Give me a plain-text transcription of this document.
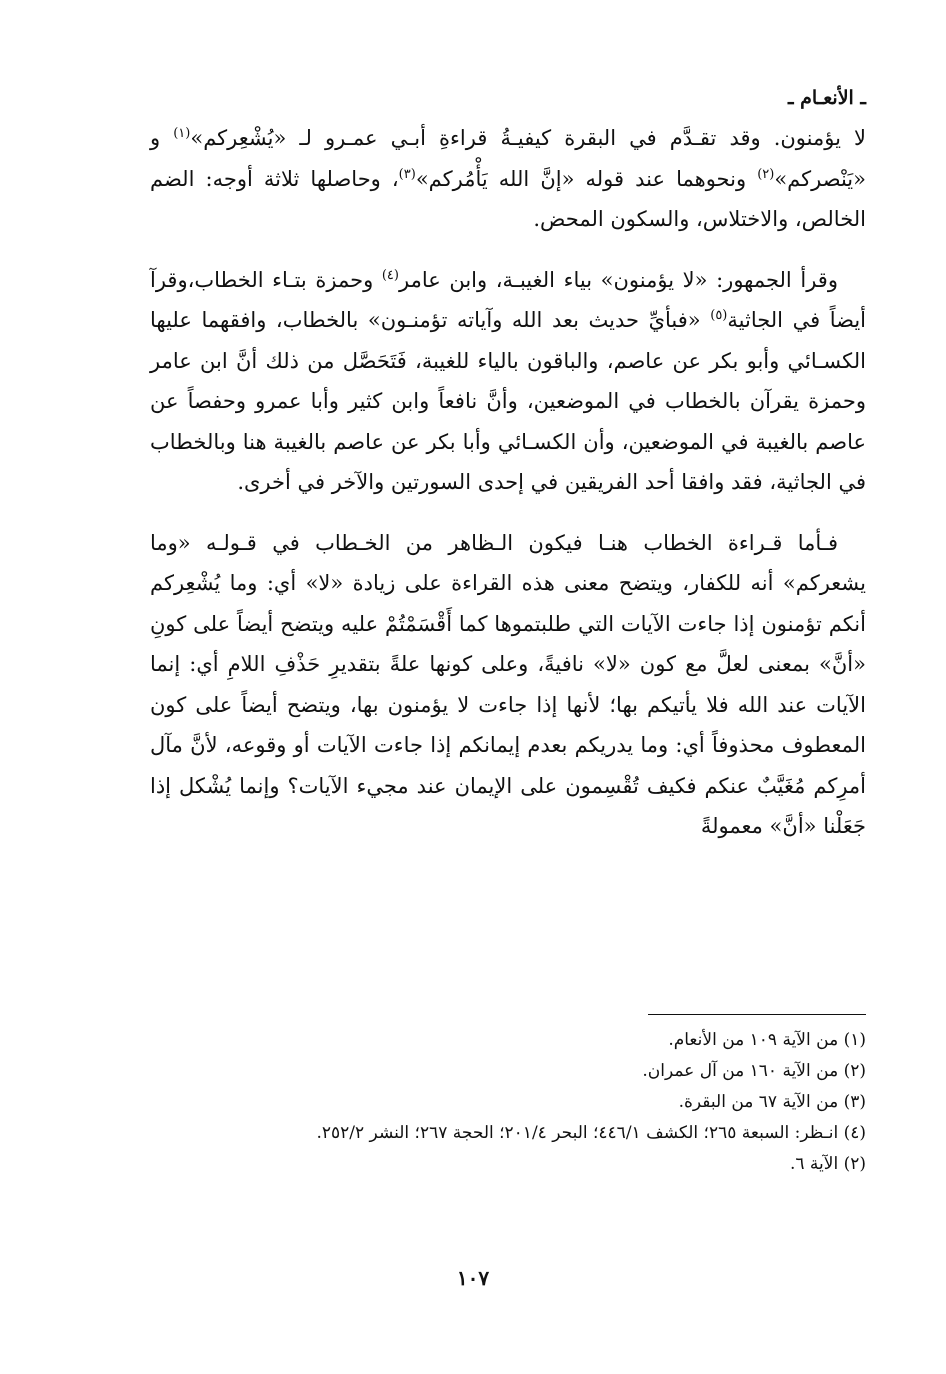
ـ الأنعـام ـ

لا يؤمنون. وقد تقـدَّم في البقرة كيفيـةُ قراءةِ أبـي عمـرو لـ «يُشْعِركم»$^{(١)}$ و «يَنْصركم»$^{(٢)}$ ونحوهما عند قوله «إنَّ الله يَأْمُركم»$^{(٣)}$، وحاصلها ثلاثة أوجه: الضم الخالص، والاختلاس، والسكون المحض.

وقرأ الجمهور: «لا يؤمنون» بياء الغيبـة، وابن عامر$^{(٤)}$ وحمزة بتـاء الخطاب،وقرآ أيضاً في الجاثية$^{(٥)}$ «فبأيِّ حديث بعد الله وآياته تؤمنـون» بالخطاب، وافقهما عليها الكسـائي وأبو بكر عن عاصم، والباقون بالياء للغيبة، فَتَحَصَّل من ذلك أنَّ ابن عامر وحمزة يقرآن بالخطاب في الموضعين، وأنَّ نافعاً وابن كثير وأبا عمرو وحفصاً عن عاصم بالغيبة في الموضعين، وأن الكسـائي وأبا بكر عن عاصم بالغيبة هنا وبالخطاب في الجاثية، فقد وافقا أحد الفريقين في إحدى السورتين والآخر في أخرى.

فـأما قـراءة الخطاب هنـا فيكون الـظاهر من الخـطاب في قـولـه «وما يشعركم» أنه للكفار، ويتضح معنى هذه القراءة على زيادة «لا» أي: وما يُشْعِركم أنكم تؤمنون إذا جاءت الآيات التي طلبتموها كما أَقْسَمْتُمْ عليه ويتضح أيضاً على كونِ «أنَّ» بمعنى لعلَّ مع كون «لا» نافيةً، وعلى كونها علةً بتقديرِ حَذْفِ اللامِ أي: إنما الآيات عند الله فلا يأتيكم بها؛ لأنها إذا جاءت لا يؤمنون بها، ويتضح أيضاً على كون المعطوف محذوفاً أي: وما يدريكم بعدم إيمانكم إذا جاءت الآيات أو وقوعه، لأنَّ مآل أمرِكم مُغَيَّبٌ عنكم فكيف تُقْسِمون على الإيمان عند مجيء الآيات؟ وإنما يُشْكل إذا جَعَلْنا «أنَّ» معمولةً

(١) من الآية ١٠٩ من الأنعام.

(٢) من الآية ١٦٠ من آل عمران.

(٣) من الآية ٦٧ من البقرة.

(٤) انـظر: السبعة ٢٦٥؛ الكشف ٤٤٦/١؛ البحر ٢٠١/٤؛ الحجة ٢٦٧؛ النشر ٢٥٢/٢.

(٢) الآية ٦.

١٠٧
